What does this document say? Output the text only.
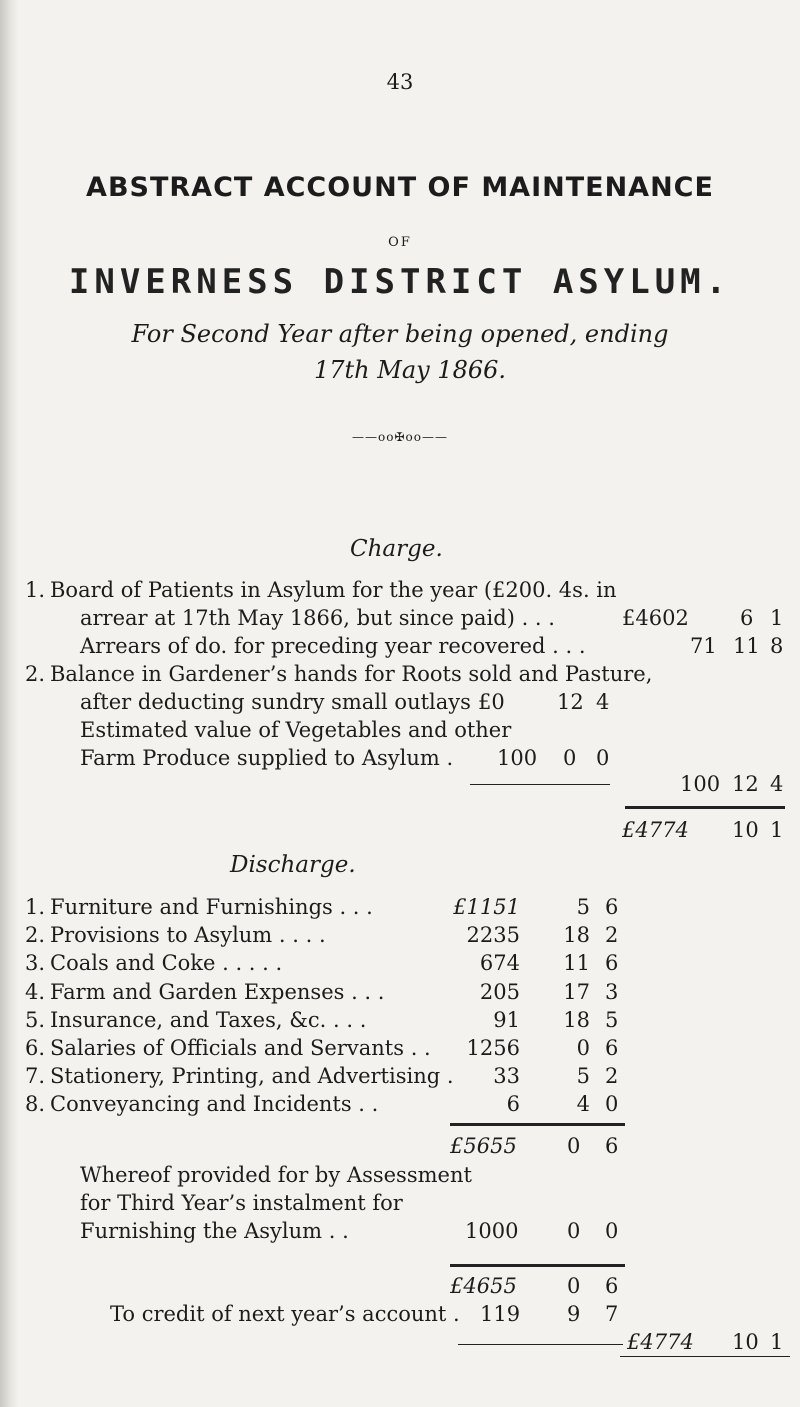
43
ABSTRACT ACCOUNT OF MAINTENANCE
OF
INVERNESS DISTRICT ASYLUM.
For Second Year after being opened, ending
17th May 1866.
——oo✠oo——
Charge.
1. Board of Patients in Asylum for the year (£200. 4s. in
arrear at 17th May 1866, but since paid) . . .	£4602 6 1
Arrears of do. for preceding year recovered . . .	71 11 8
2. Balance in Gardener’s hands for Roots sold and Pasture,
after deducting sundry small outlays £0 12 4
Estimated value of Vegetables and other
Farm Produce supplied to Asylum . 100 0 0
100 12 4
£4774 10 1
Discharge.
1. Furniture and Furnishings . . .	£1151	5 6
2. Provisions to Asylum . . . .	2235 18 2
3. Coals and Coke . . . . .	674 11 6
4. Farm and Garden Expenses . . .	205 17 3
5. Insurance, and Taxes, &c. . . .	91 18 5
6. Salaries of Officials and Servants . . 1256	0 6
7. Stationery, Printing, and Advertising . 33	5 2
8. Conveyancing and Incidents . .	6	4 0
£5655 0 6
Whereof provided for by Assessment
for Third Year’s instalment for
Furnishing the Asylum . .	1000 0 0
£4655 0 6
To credit of next year’s account . 119 9 7
£4774 10 1
